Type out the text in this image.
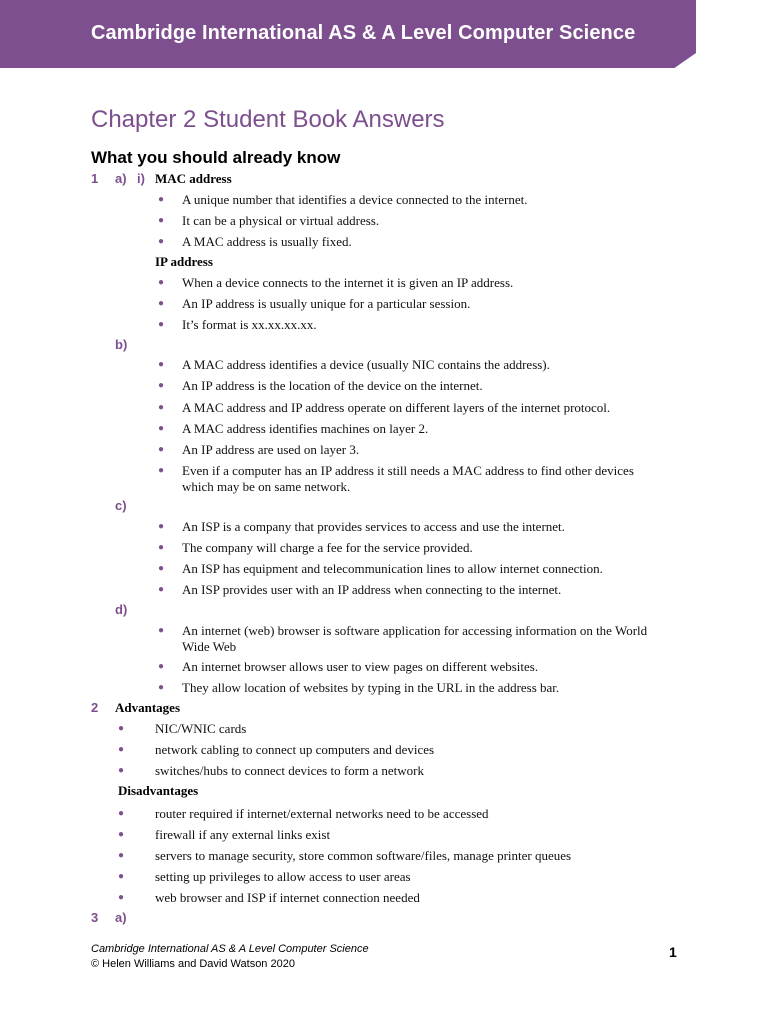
Cambridge International AS & A Level Computer Science
Chapter 2 Student Book Answers
What you should already know
1 a) i) MAC address
● A unique number that identifies a device connected to the internet.
● It can be a physical or virtual address.
● A MAC address is usually fixed.
IP address
● When a device connects to the internet it is given an IP address.
● An IP address is usually unique for a particular session.
● It’s format is xx.xx.xx.xx.
b)
● A MAC address identifies a device (usually NIC contains the address).
● An IP address is the location of the device on the internet.
● A MAC address and IP address operate on different layers of the internet protocol.
● A MAC address identifies machines on layer 2.
● An IP address are used on layer 3.
● Even if a computer has an IP address it still needs a MAC address to find other devices which may be on same network.
c)
● An ISP is a company that provides services to access and use the internet.
● The company will charge a fee for the service provided.
● An ISP has equipment and telecommunication lines to allow internet connection.
● An ISP provides user with an IP address when connecting to the internet.
d)
● An internet (web) browser is software application for accessing information on the World Wide Web
● An internet browser allows user to view pages on different websites.
● They allow location of websites by typing in the URL in the address bar.
2 Advantages
● NIC/WNIC cards
● network cabling to connect up computers and devices
● switches/hubs to connect devices to form a network
Disadvantages
● router required if internet/external networks need to be accessed
● firewall if any external links exist
● servers to manage security, store common software/files, manage printer queues
● setting up privileges to allow access to user areas
● web browser and ISP if internet connection needed
3 a)
Cambridge International AS & A Level Computer Science
© Helen Williams and David Watson 2020
1
